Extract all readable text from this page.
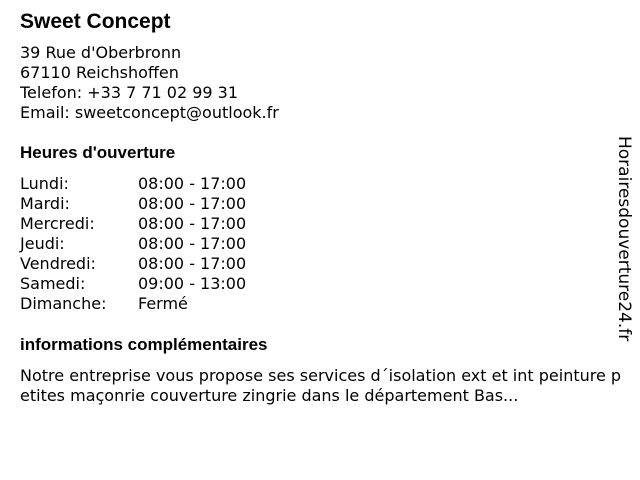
Sweet Concept
39 Rue d'Oberbronn
67110 Reichshoffen
Telefon: +33 7 71 02 99 31
Email: sweetconcept@outlook.fr
Heures d'ouverture
Lundi:	08:00 - 17:00
Mardi:	08:00 - 17:00
Mercredi:	08:00 - 17:00
Jeudi:	08:00 - 17:00
Vendredi:	08:00 - 17:00
Samedi:	09:00 - 13:00
Dimanche:	Fermé
informations complémentaires
Notre entreprise vous propose ses services d´isolation ext et int peinture petites maçonrie couverture zingrie dans le département Bas...
Horairesdouverture24.fr
